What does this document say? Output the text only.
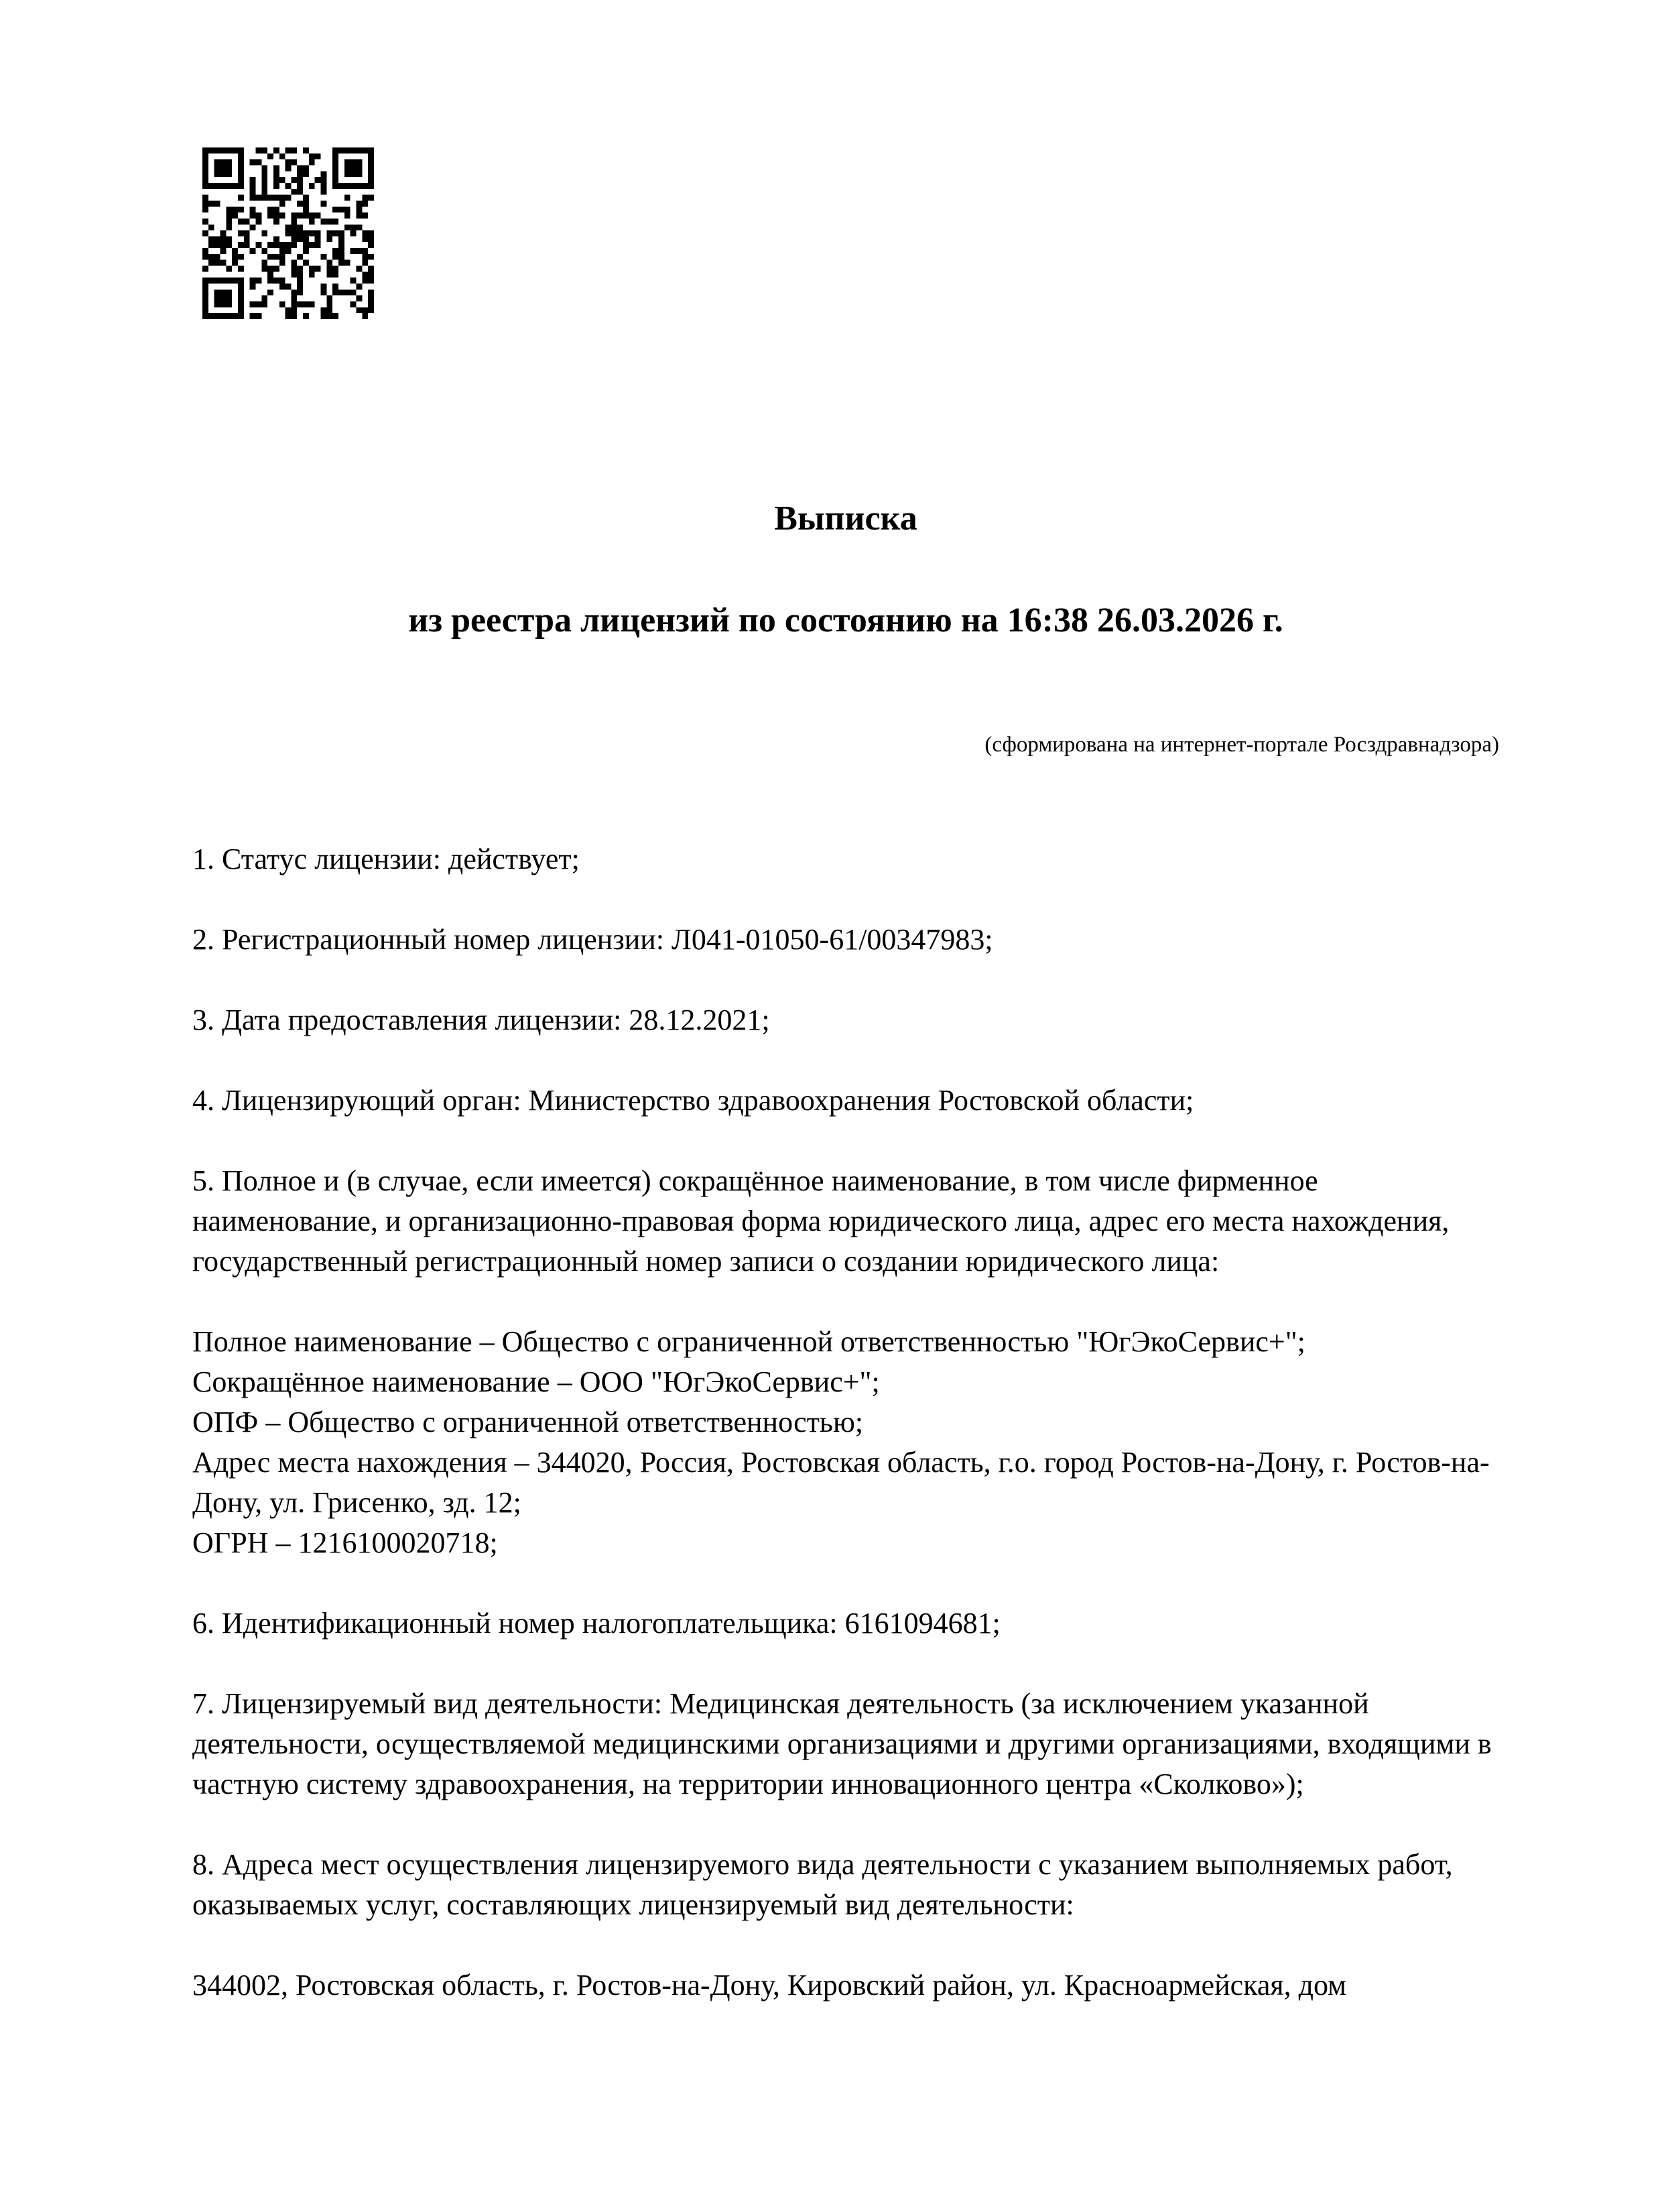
Выписка

из реестра лицензий по состоянию на 16:38 26.03.2026 г.

(сформирована на интернет-портале Росздравнадзора)
1. Статус лицензии: действует;
2. Регистрационный номер лицензии: Л041-01050-61/00347983;
3. Дата предоставления лицензии: 28.12.2021;
4. Лицензирующий орган: Министерство здравоохранения Ростовской области;
5. Полное и (в случае, если имеется) сокращённое наименование, в том числе фирменное наименование, и организационно-правовая форма юридического лица, адрес его места нахождения, государственный регистрационный номер записи о создании юридического лица:
Полное наименование – Общество с ограниченной ответственностью "ЮгЭкоСервис+";
Сокращённое наименование – ООО "ЮгЭкоСервис+";
ОПФ – Общество с ограниченной ответственностью;
Адрес места нахождения – 344020, Россия, Ростовская область, г.о. город Ростов-на-Дону, г. Ростов-на-Дону, ул. Грисенко, зд. 12;
ОГРН – 1216100020718;
6. Идентификационный номер налогоплательщика: 6161094681;
7. Лицензируемый вид деятельности: Медицинская деятельность (за исключением указанной деятельности, осуществляемой медицинскими организациями и другими организациями, входящими в частную систему здравоохранения, на территории инновационного центра «Сколково»);
8. Адреса мест осуществления лицензируемого вида деятельности с указанием выполняемых работ, оказываемых услуг, составляющих лицензируемый вид деятельности:
344002, Ростовская область, г. Ростов-на-Дону, Кировский район, ул. Красноармейская, дом
